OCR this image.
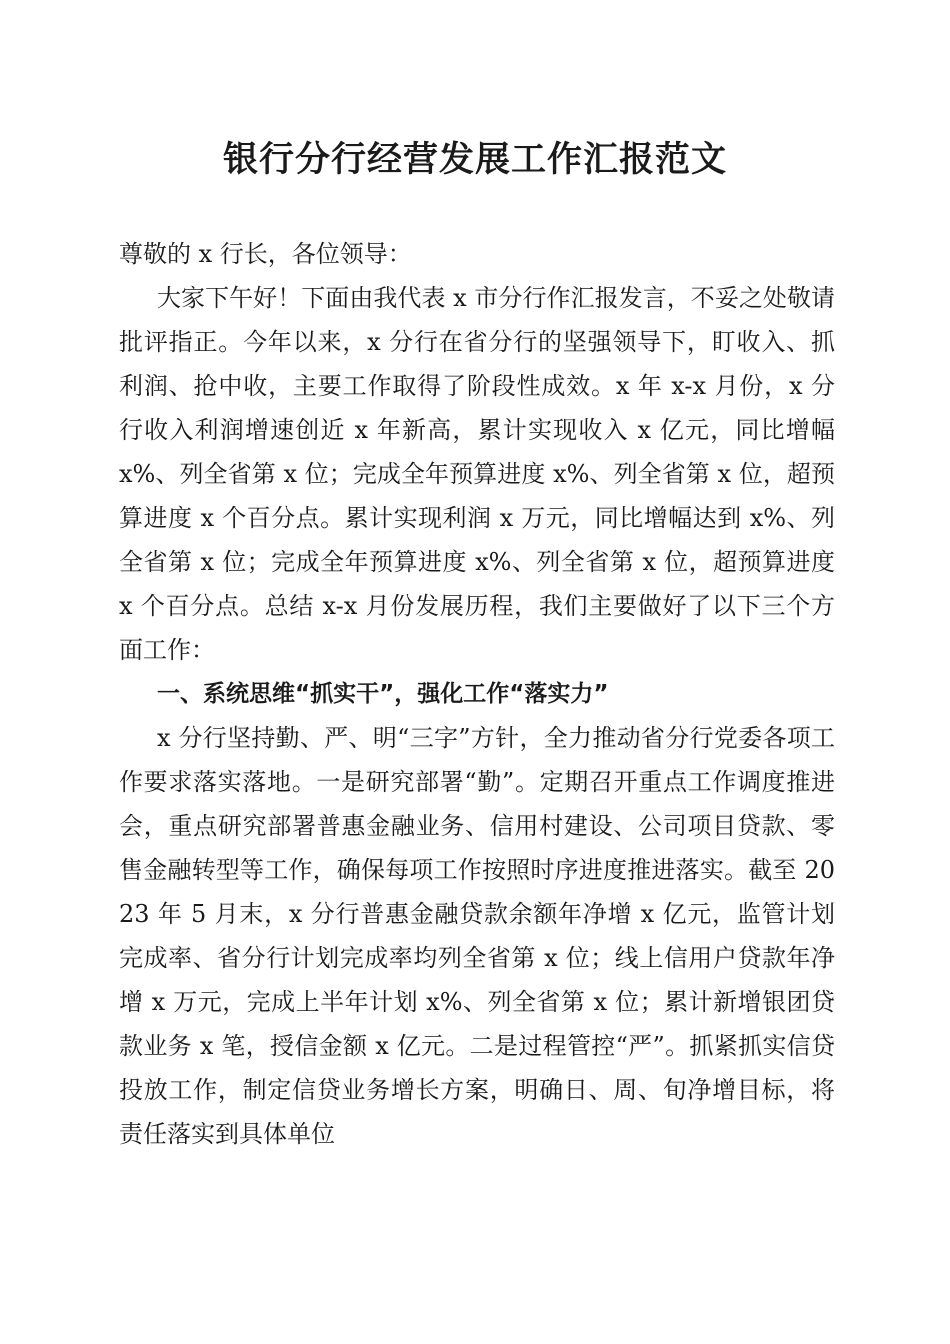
银行分行经营发展工作汇报范文

尊敬的 x 行长，各位领导：

大家下午好！下面由我代表 x 市分行作汇报发言，不妥之处敬请批评指正。今年以来，x 分行在省分行的坚强领导下，盯收入、抓利润、抢中收，主要工作取得了阶段性成效。x 年 x-x 月份，x 分行收入利润增速创近 x 年新高，累计实现收入 x 亿元，同比增幅 x%、列全省第 x 位；完成全年预算进度 x%、列全省第 x 位，超预算进度 x 个百分点。累计实现利润 x 万元，同比增幅达到 x%、列全省第 x 位；完成全年预算进度 x%、列全省第 x 位，超预算进度 x 个百分点。总结 x-x 月份发展历程，我们主要做好了以下三个方面工作：

一、系统思维“抓实干”，强化工作“落实力”

x 分行坚持勤、严、明“三字”方针，全力推动省分行党委各项工作要求落实落地。一是研究部署“勤”。定期召开重点工作调度推进会，重点研究部署普惠金融业务、信用村建设、公司项目贷款、零售金融转型等工作，确保每项工作按照时序进度推进落实。截至 2023 年 5 月末，x 分行普惠金融贷款余额年净增 x 亿元，监管计划完成率、省分行计划完成率均列全省第 x 位；线上信用户贷款年净增 x 万元，完成上半年计划 x%、列全省第 x 位；累计新增银团贷款业务 x 笔，授信金额 x 亿元。二是过程管控“严”。抓紧抓实信贷投放工作，制定信贷业务增长方案，明确日、周、旬净增目标，将责任落实到具体单位
